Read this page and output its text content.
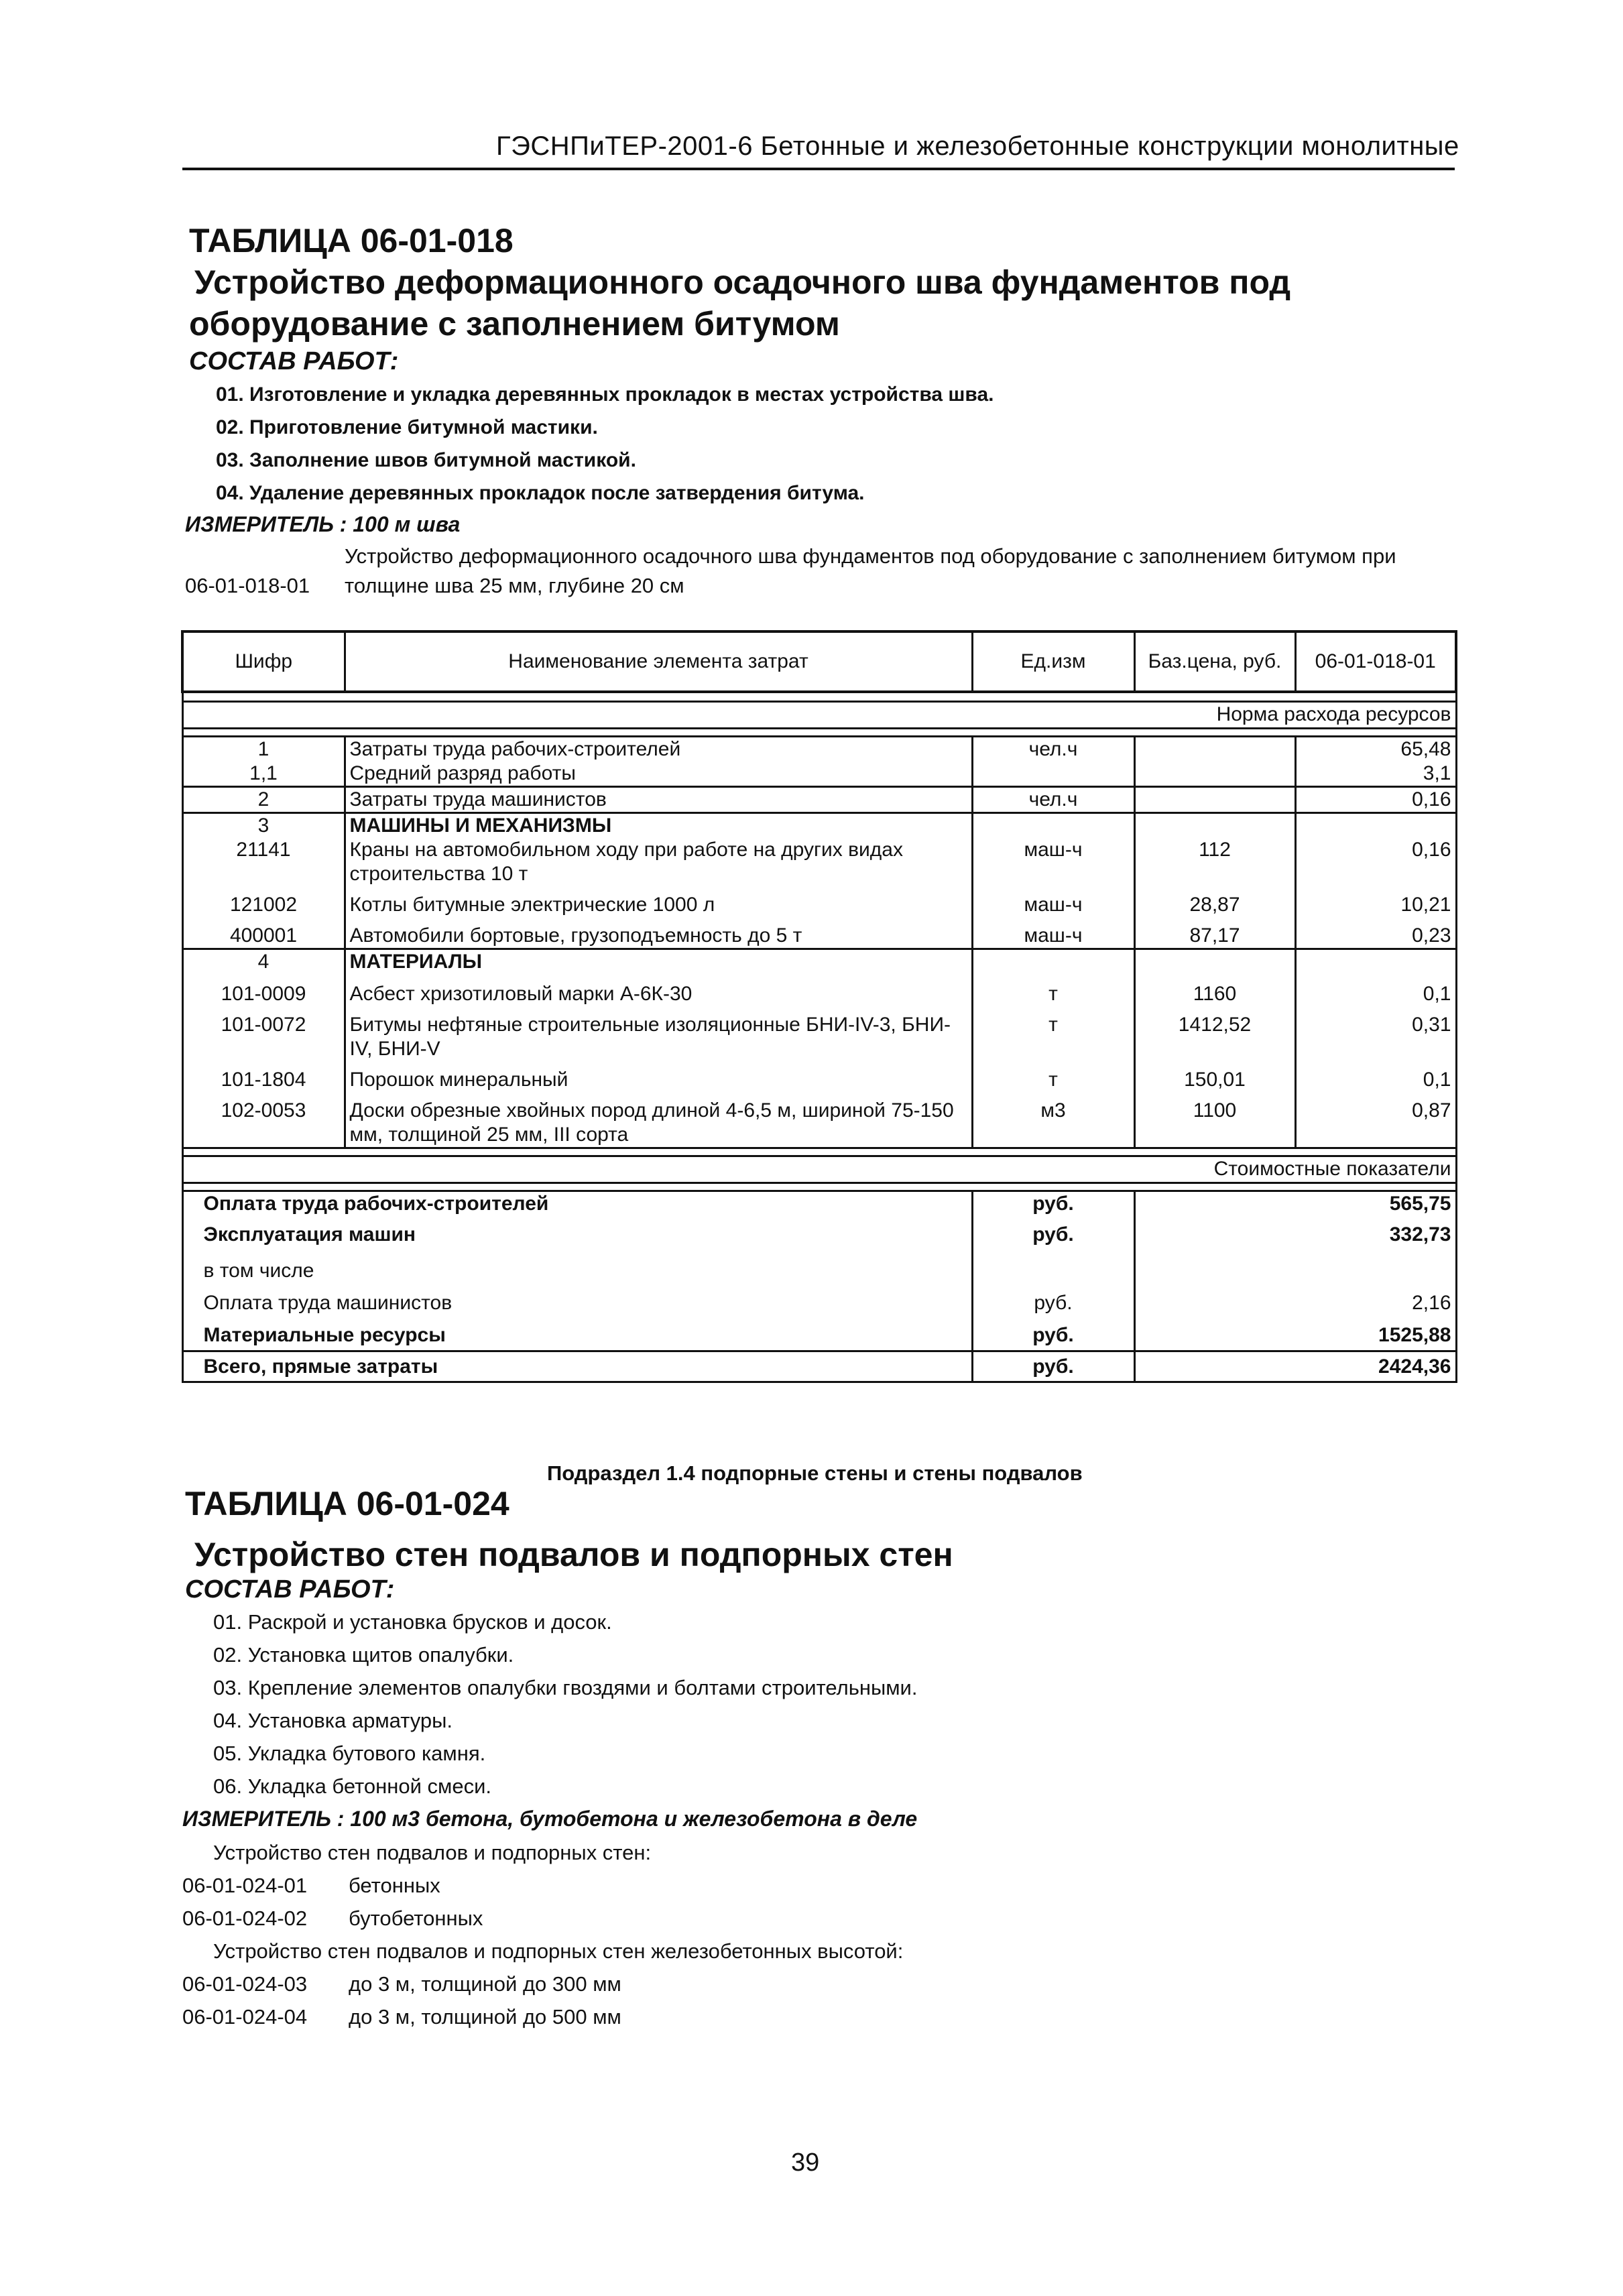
ГЭСНПиТЕР-2001-6 Бетонные и железобетонные конструкции монолитные
ТАБЛИЦА 06-01-018
Устройство деформационного осадочного шва фундаментов под
оборудование с заполнением битумом
СОСТАВ РАБОТ:
01. Изготовление и укладка деревянных прокладок в местах устройства шва.
02. Приготовление битумной мастики.
03. Заполнение швов битумной мастикой.
04. Удаление деревянных прокладок после затвердения битума.
ИЗМЕРИТЕЛЬ : 100 м шва
Устройство деформационного осадочного шва фундаментов под оборудование с заполнением битумом при
06-01-018-01 толщине шва 25 мм, глубине 20 см
Шифр	Наименование элемента затрат	Ед.изм	Баз.цена, руб.	06-01-018-01

Норма расхода ресурсов				

1	Затраты труда рабочих-строителей	чел.ч		65,48
1,1	Средний разряд работы			3,1
2	Затраты труда машинистов	чел.ч		0,16
3	МАШИНЫ И МЕХАНИЗМЫ			
21141	Краны на автомобильном ходу при работе на других видах строительства 10 т	маш-ч	112	0,16
121002	Котлы битумные электрические 1000 л	маш-ч	28,87	10,21
400001	Автомобили бортовые, грузоподъемность до 5 т	маш-ч	87,17	0,23
4	МАТЕРИАЛЫ			
101-0009	Асбест хризотиловый марки А-6К-30	т	1160	0,1
101-0072	Битумы нефтяные строительные изоляционные БНИ-IV-3, БНИ-IV, БНИ-V	т	1412,52	0,31
101-1804	Порошок минеральный	т	150,01	0,1
102-0053	Доски обрезные хвойных пород длиной 4-6,5 м, шириной 75-150 мм, толщиной 25 мм, III сорта	м3	1100	0,87

Стоимостные показатели				

Оплата труда рабочих-строителей		руб.	565,75	
Эксплуатация машин		руб.	332,73	
в том числе				
Оплата труда машинистов		руб.	2,16	
Материальные ресурсы		руб.	1525,88	
Всего, прямые затраты		руб.	2424,36	
Подраздел 1.4 подпорные стены и стены подвалов
ТАБЛИЦА 06-01-024
Устройство стен подвалов и подпорных стен
СОСТАВ РАБОТ:
01. Раскрой и установка брусков и досок.
02. Установка щитов опалубки.
03. Крепление элементов опалубки гвоздями и болтами строительными.
04. Установка арматуры.
05. Укладка бутового камня.
06. Укладка бетонной смеси.
ИЗМЕРИТЕЛЬ : 100 м3 бетона, бутобетона и железобетона в деле
Устройство стен подвалов и подпорных стен:
06-01-024-01 бетонных
06-01-024-02 бутобетонных
Устройство стен подвалов и подпорных стен железобетонных высотой:
06-01-024-03 до 3 м, толщиной до 300 мм
06-01-024-04 до 3 м, толщиной до 500 мм
39
